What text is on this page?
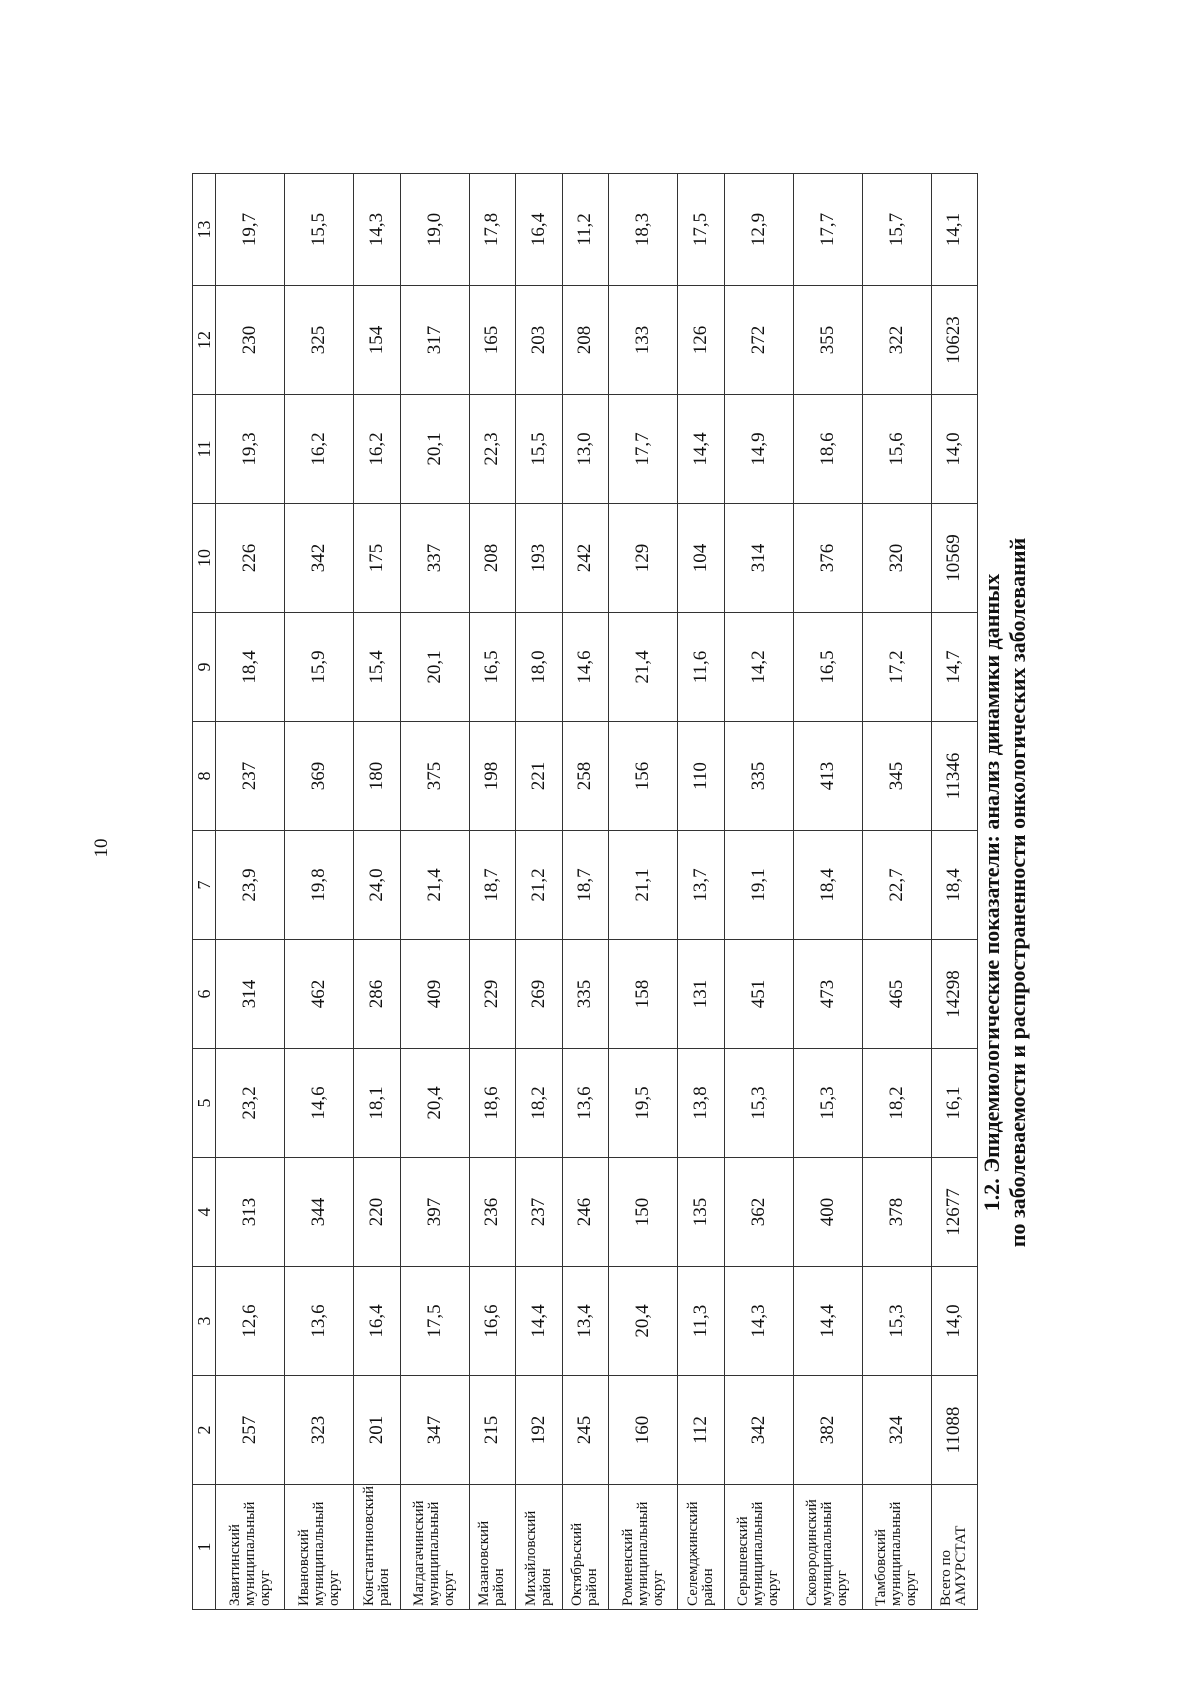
10
1	2	3	4	5	6	7	8	9	10	11	12	13
Завитинский муниципальный округ	257	12,6	313	23,2	314	23,9	237	18,4	226	19,3	230	19,7
Ивановский муниципальный округ	323	13,6	344	14,6	462	19,8	369	15,9	342	16,2	325	15,5
Константиновский район	201	16,4	220	18,1	286	24,0	180	15,4	175	16,2	154	14,3
Магдагачинский муниципальный округ	347	17,5	397	20,4	409	21,4	375	20,1	337	20,1	317	19,0
Мазановский район	215	16,6	236	18,6	229	18,7	198	16,5	208	22,3	165	17,8
Михайловский район	192	14,4	237	18,2	269	21,2	221	18,0	193	15,5	203	16,4
Октябрьский район	245	13,4	246	13,6	335	18,7	258	14,6	242	13,0	208	11,2
Ромненский муниципальный округ	160	20,4	150	19,5	158	21,1	156	21,4	129	17,7	133	18,3
Селемджинский район	112	11,3	135	13,8	131	13,7	110	11,6	104	14,4	126	17,5
Серышевский муниципальный округ	342	14,3	362	15,3	451	19,1	335	14,2	314	14,9	272	12,9
Сковородинский муниципальный округ	382	14,4	400	15,3	473	18,4	413	16,5	376	18,6	355	17,7
Тамбовский муниципальный округ	324	15,3	378	18,2	465	22,7	345	17,2	320	15,6	322	15,7
Всего по АМУРСТАТ	11088	14,0	12677	16,1	14298	18,4	11346	14,7	10569	14,0	10623	14,1
1.2. Эпидемиологические показатели: анализ динамики данных по заболеваемости и распространенности онкологических заболеваний
